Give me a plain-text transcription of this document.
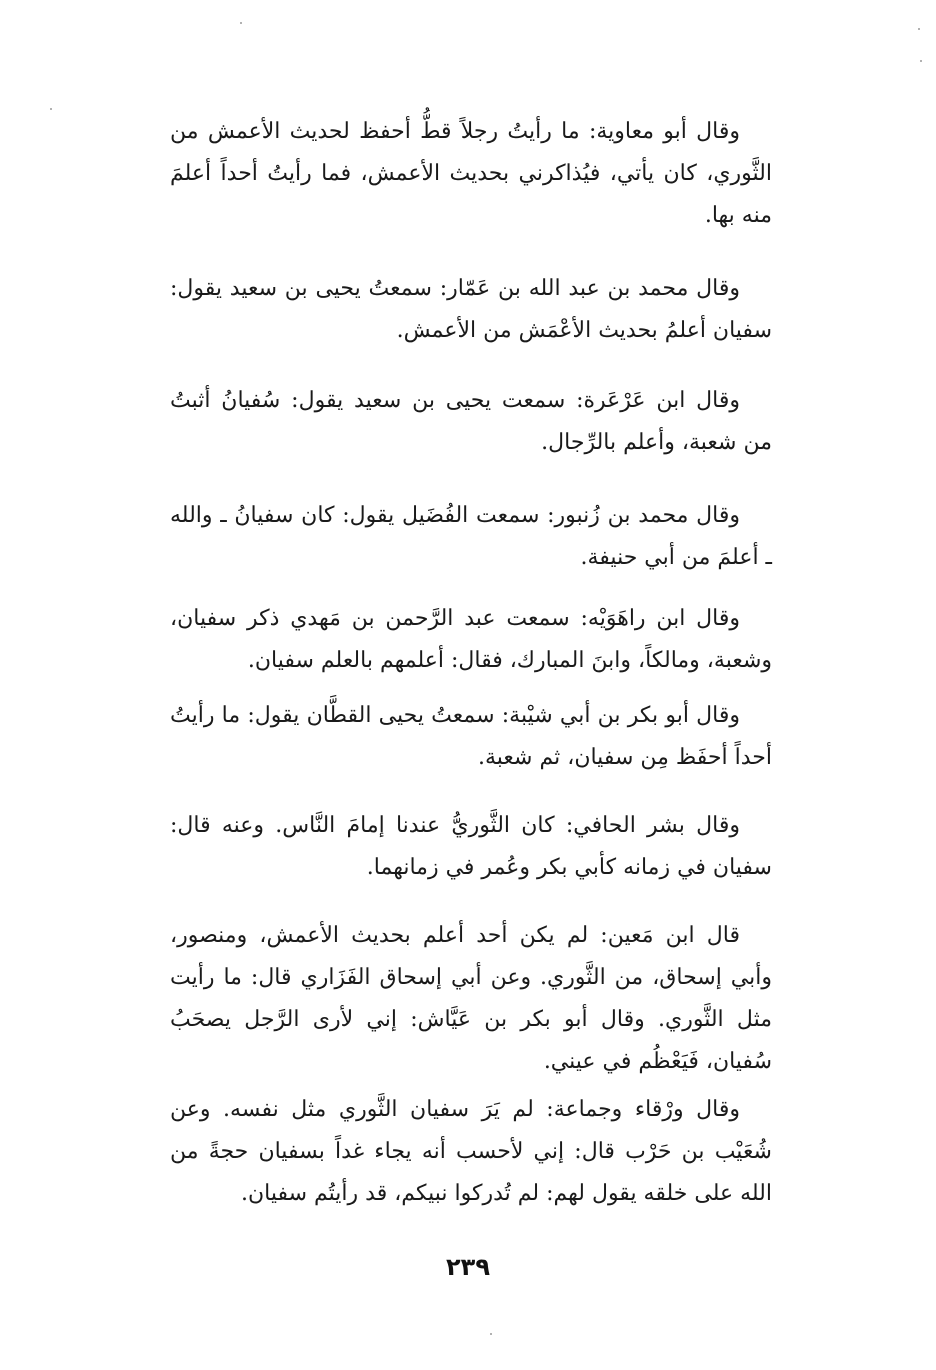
وقال أبو معاوية: ما رأيتُ رجلاً قطُّ أحفظ لحديث الأعمش من الثَّوري، كان يأتي، فيُذاكرني بحديث الأعمش، فما رأيتُ أحداً أعلمَ منه بها.

وقال محمد بن عبد الله بن عَمّار: سمعتُ يحيى بن سعيد يقول: سفيان أعلمُ بحديث الأعْمَش من الأعمش.

وقال ابن عَرْعَرة: سمعت يحيى بن سعيد يقول: سُفيانُ أثبتُ من شعبة، وأعلم بالرِّجال.

وقال محمد بن زُنبور: سمعت الفُضَيل يقول: كان سفيانُ ـ والله ـ أعلمَ من أبي حنيفة.

وقال ابن راهَوَيْه: سمعت عبد الرَّحمن بن مَهدي ذكر سفيان، وشعبة، ومالكاً، وابنَ المبارك، فقال: أعلمهم بالعلم سفيان.

وقال أبو بكر بن أبي شيْبة: سمعتُ يحيى القطَّان يقول: ما رأيتُ أحداً أحفَظ مِن سفيان، ثم شعبة.

وقال بشر الحافي: كان الثَّوريُّ عندنا إمامَ النَّاس. وعنه قال: سفيان في زمانه كأبي بكر وعُمر في زمانهما.

قال ابن مَعين: لم يكن أحد أعلم بحديث الأعمش، ومنصور، وأبي إسحاق، من الثَّوري. وعن أبي إسحاق الفَزَاري قال: ما رأيت مثل الثَّوري. وقال أبو بكر بن عَيَّاش: إني لأرى الرَّجل يصحَبُ سُفيان، فَيَعْظُم في عيني.

وقال ورْقاء وجماعة: لم يَرَ سفيان الثَّوري مثل نفسه. وعن شُعَيْب بن حَرْب قال: إني لأحسب أنه يجاء غداً بسفيان حجةً من الله على خلقه يقول لهم: لم تُدركوا نبيكم، قد رأيتُم سفيان.

٢٣٩
